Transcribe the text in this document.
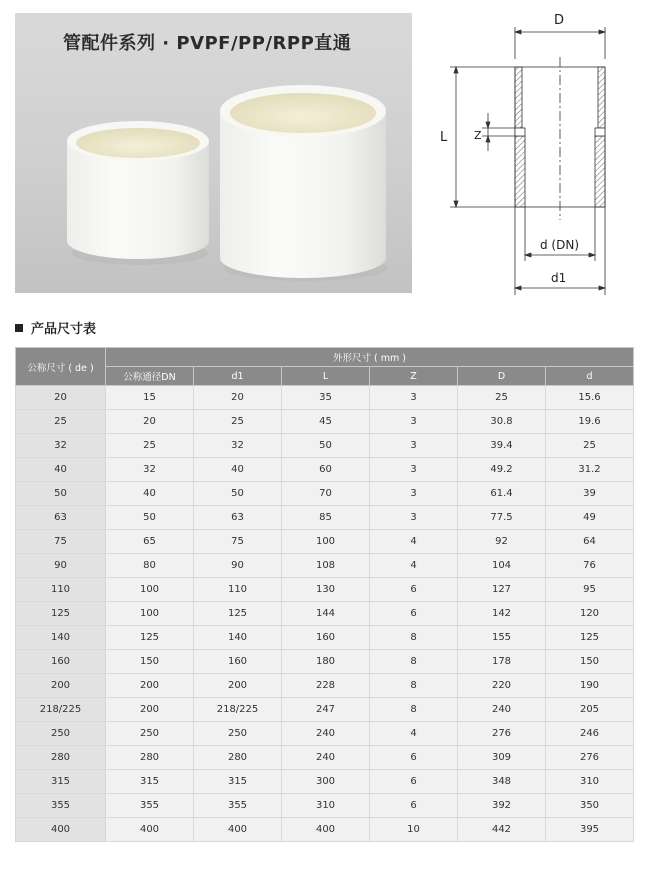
管配件系列 · PVPF/PP/RPP直通
D
L Z
d (DN)
d1
产品尺寸表
公称尺寸 ( de )	外形尺寸 ( mm )					
	公称通径DN	d1	L	Z	D	d
20	15	20	35	3	25	15.6
25	20	25	45	3	30.8	19.6
32	25	32	50	3	39.4	25
40	32	40	60	3	49.2	31.2
50	40	50	70	3	61.4	39
63	50	63	85	3	77.5	49
75	65	75	100	4	92	64
90	80	90	108	4	104	76
110	100	110	130	6	127	95
125	100	125	144	6	142	120
140	125	140	160	8	155	125
160	150	160	180	8	178	150
200	200	200	228	8	220	190
218/225	200	218/225	247	8	240	205
250	250	250	240	4	276	246
280	280	280	240	6	309	276
315	315	315	300	6	348	310
355	355	355	310	6	392	350
400	400	400	400	10	442	395
